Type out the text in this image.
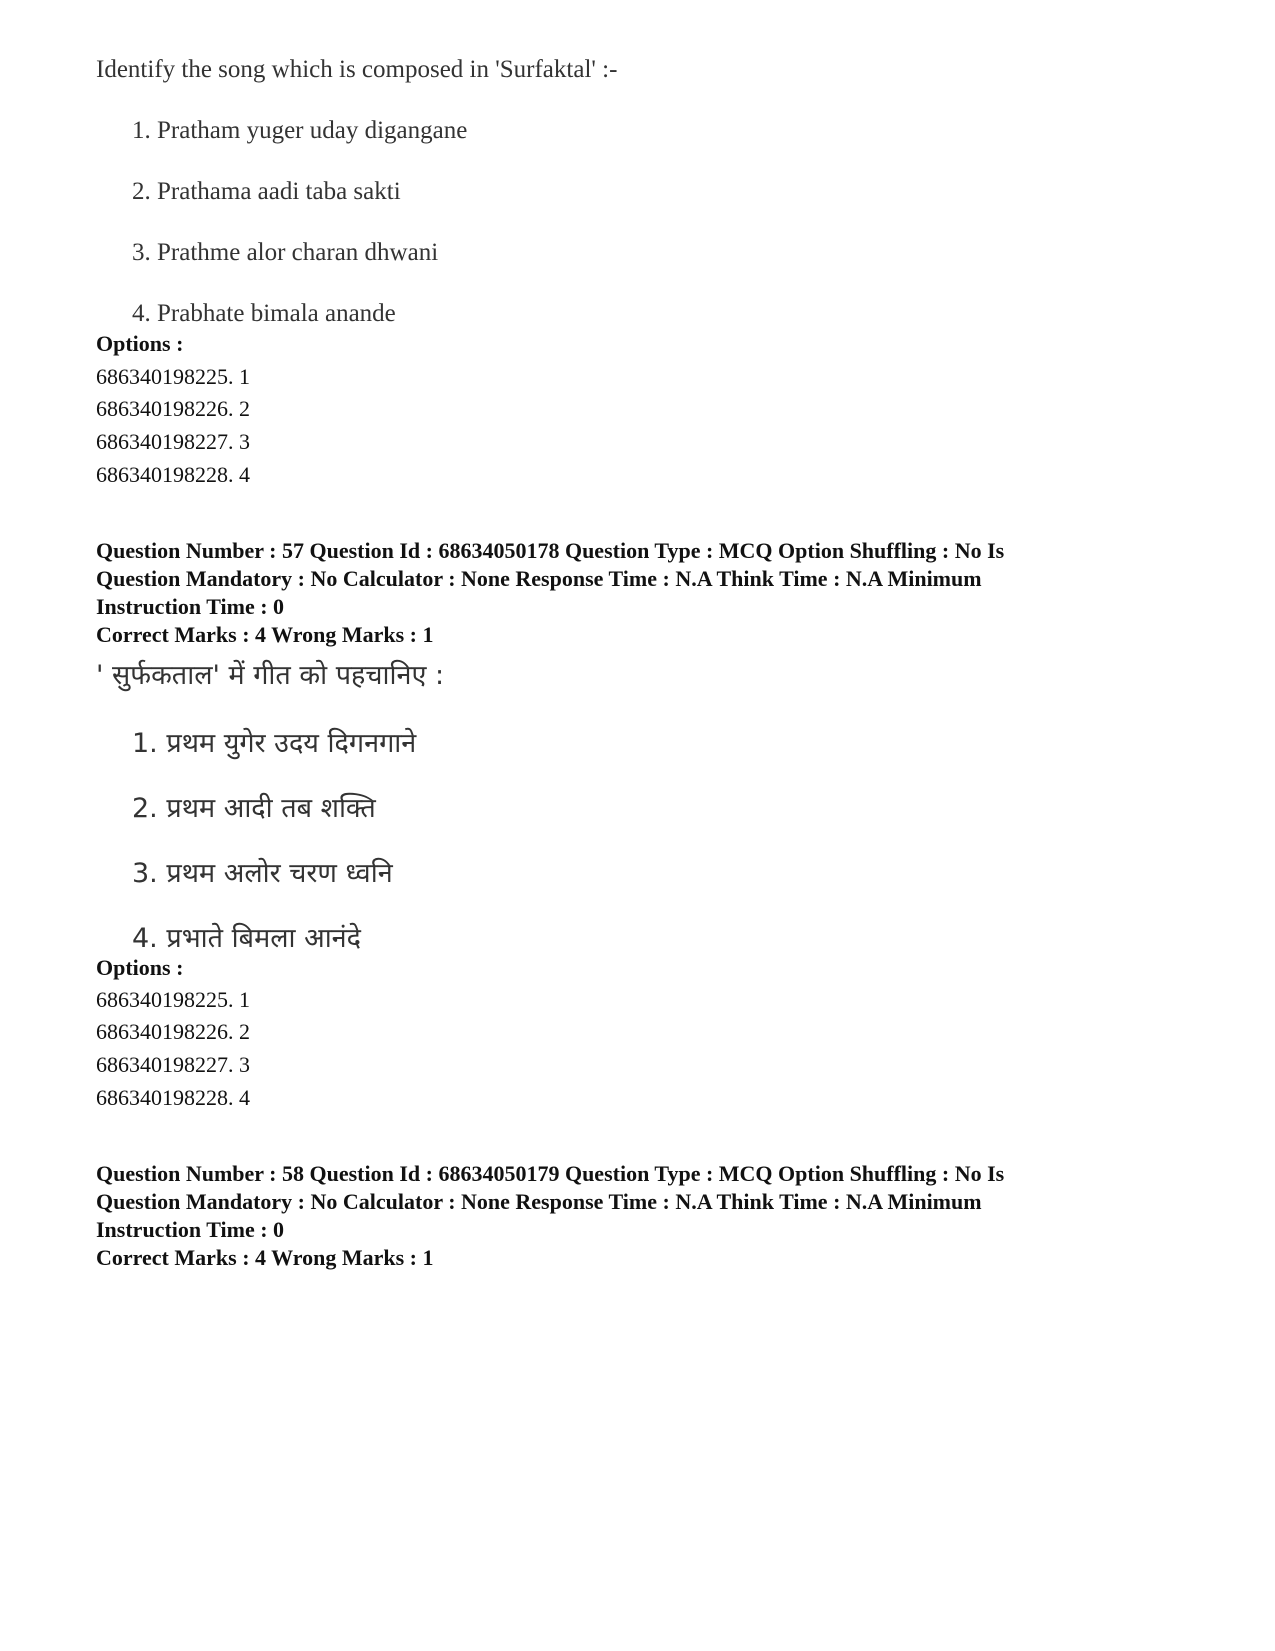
Identify the song which is composed in 'Surfaktal' :-
1. Pratham yuger uday digangane
2. Prathama aadi taba sakti
3. Prathme alor charan dhwani
4. Prabhate bimala anande
Options :
686340198225. 1
686340198226. 2
686340198227. 3
686340198228. 4
Question Number : 57 Question Id : 68634050178 Question Type : MCQ Option Shuffling : No Is
Question Mandatory : No Calculator : None Response Time : N.A Think Time : N.A Minimum
Instruction Time : 0
Correct Marks : 4 Wrong Marks : 1
' सुर्फकताल' में गीत को पहचानिए :
1. प्रथम युगेर उदय दिगनगाने
2. प्रथम आदी तब शक्ति
3. प्रथम अलोर चरण ध्वनि
4. प्रभाते बिमला आनंदे
Options :
686340198225. 1
686340198226. 2
686340198227. 3
686340198228. 4
Question Number : 58 Question Id : 68634050179 Question Type : MCQ Option Shuffling : No Is
Question Mandatory : No Calculator : None Response Time : N.A Think Time : N.A Minimum
Instruction Time : 0
Correct Marks : 4 Wrong Marks : 1
